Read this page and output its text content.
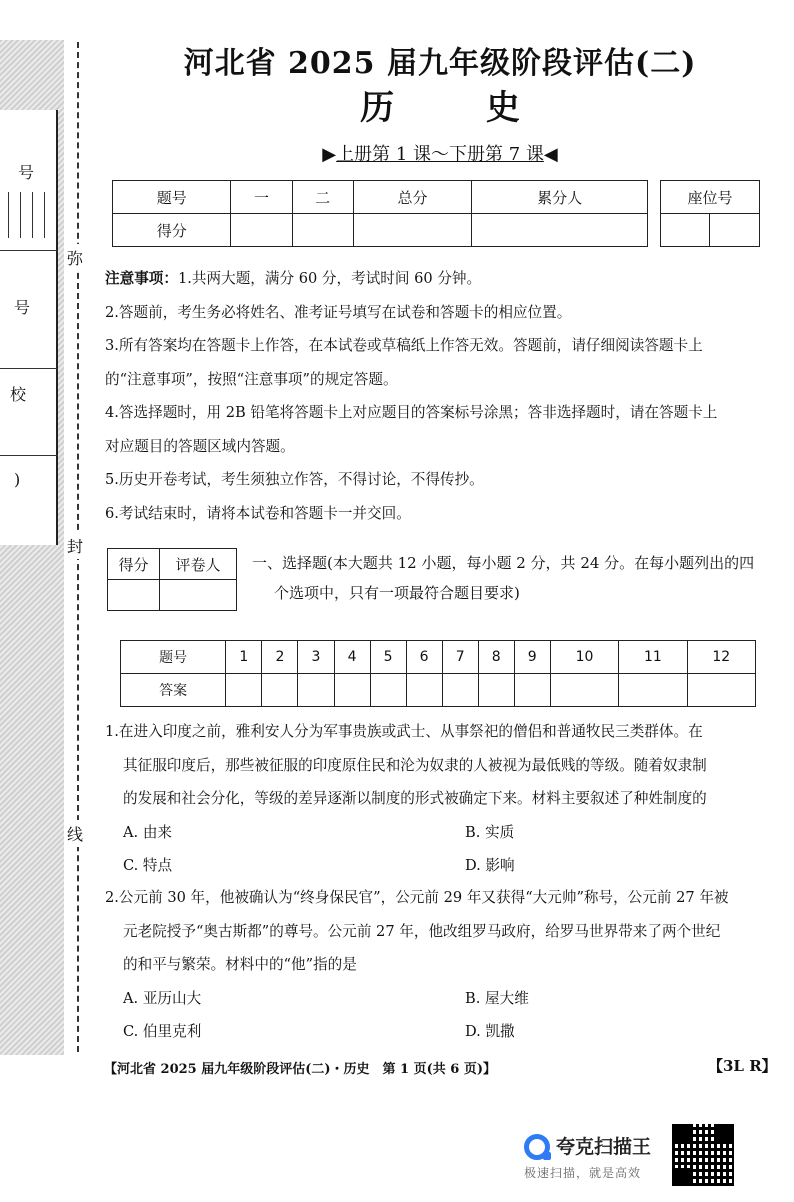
号
号
校
)
弥
封
线
河北省 2025 届九年级阶段评估(二)
历 史
▶上册第 1 课～下册第 7 课◀
题号	一	二	总分	累分人
得分				
座位号

注意事项：1.共两大题，满分 60 分，考试时间 60 分钟。

2.答题前，考生务必将姓名、准考证号填写在试卷和答题卡的相应位置。

3.所有答案均在答题卡上作答，在本试卷或草稿纸上作答无效。答题前，请仔细阅读答题卡上

的“注意事项”，按照“注意事项”的规定答题。

4.答选择题时，用 2B 铅笔将答题卡上对应题目的答案标号涂黑；答非选择题时，请在答题卡上

对应题目的答题区域内答题。

5.历史开卷考试，考生须独立作答，不得讨论，不得传抄。

6.考试结束时，请将本试卷和答题卡一并交回。

得分	评卷人
	一、选择题(本大题共 12 小题，每小题 2 分，共 24 分。在每小题列出的四

个选项中，只有一项最符合题目要求)

题号	1	2	3	4	5	6	7	8	9	10	11	12
答案												

1.在进入印度之前，雅利安人分为军事贵族或武士、从事祭祀的僧侣和普通牧民三类群体。在

其征服印度后，那些被征服的印度原住民和沦为奴隶的人被视为最低贱的等级。随着奴隶制

的发展和社会分化，等级的差异逐渐以制度的形式被确定下来。材料主要叙述了种姓制度的

A. 由来	B. 实质
C. 特点	D. 影响

2.公元前 30 年，他被确认为“终身保民官”，公元前 29 年又获得“大元帅”称号，公元前 27 年被

元老院授予“奥古斯都”的尊号。公元前 27 年，他改组罗马政府，给罗马世界带来了两个世纪

的和平与繁荣。材料中的“他”指的是

A. 亚历山大	B. 屋大维
C. 伯里克利	D. 凯撒
【河北省 2025 届九年级阶段评估(二)・历史　第 1 页(共 6 页)】	【3L R】
夸克扫描王
极速扫描，就是高效
